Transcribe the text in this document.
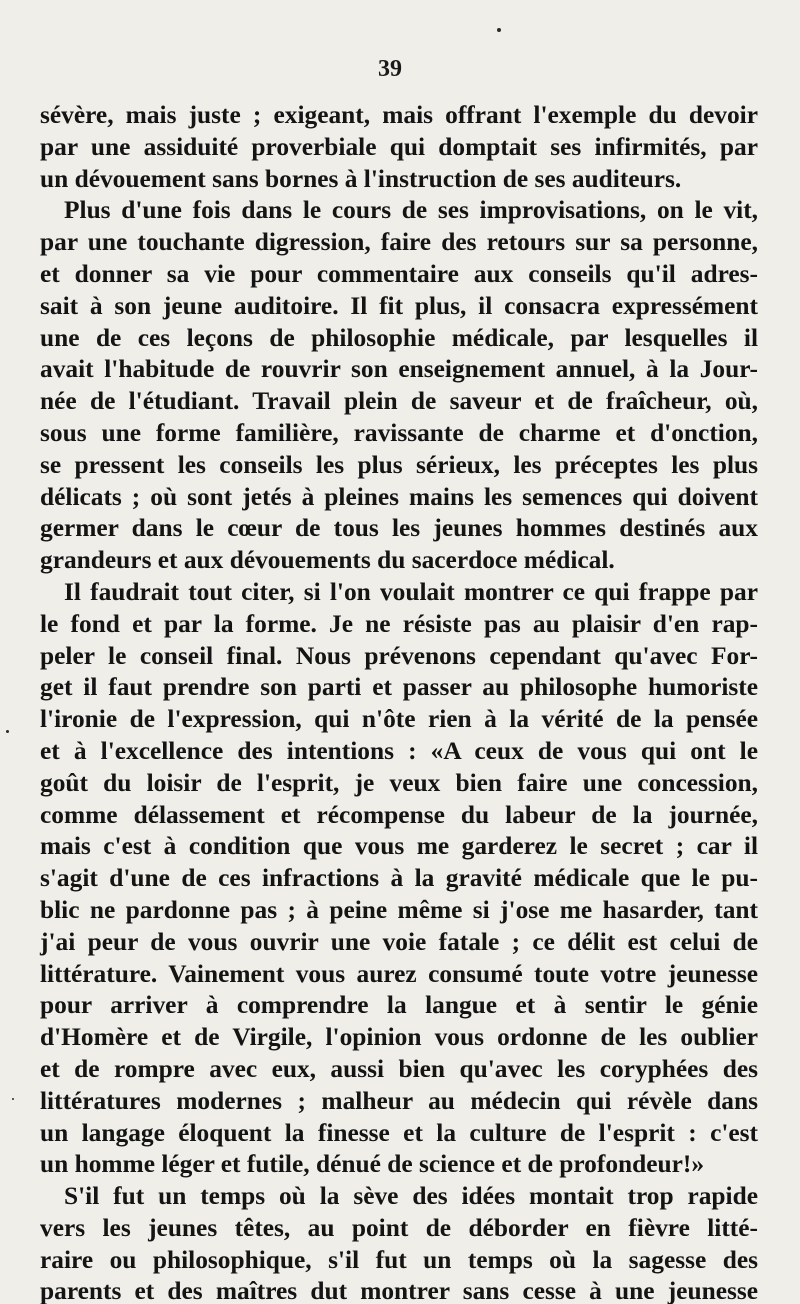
39
sévère, mais juste ; exigeant, mais offrant l'exemple du devoir
par une assiduité proverbiale qui domptait ses infirmités, par
un dévouement sans bornes à l'instruction de ses auditeurs.
Plus d'une fois dans le cours de ses improvisations, on le vit,
par une touchante digression, faire des retours sur sa personne,
et donner sa vie pour commentaire aux conseils qu'il adres-
sait à son jeune auditoire. Il fit plus, il consacra expressément
une de ces leçons de philosophie médicale, par lesquelles il
avait l'habitude de rouvrir son enseignement annuel, à la Jour-
née de l'étudiant. Travail plein de saveur et de fraîcheur, où,
sous une forme familière, ravissante de charme et d'onction,
se pressent les conseils les plus sérieux, les préceptes les plus
délicats ; où sont jetés à pleines mains les semences qui doivent
germer dans le cœur de tous les jeunes hommes destinés aux
grandeurs et aux dévouements du sacerdoce médical.
Il faudrait tout citer, si l'on voulait montrer ce qui frappe par
le fond et par la forme. Je ne résiste pas au plaisir d'en rap-
peler le conseil final. Nous prévenons cependant qu'avec For-
get il faut prendre son parti et passer au philosophe humoriste
l'ironie de l'expression, qui n'ôte rien à la vérité de la pensée
et à l'excellence des intentions : «A ceux de vous qui ont le
goût du loisir de l'esprit, je veux bien faire une concession,
comme délassement et récompense du labeur de la journée,
mais c'est à condition que vous me garderez le secret ; car il
s'agit d'une de ces infractions à la gravité médicale que le pu-
blic ne pardonne pas ; à peine même si j'ose me hasarder, tant
j'ai peur de vous ouvrir une voie fatale ; ce délit est celui de
littérature. Vainement vous aurez consumé toute votre jeunesse
pour arriver à comprendre la langue et à sentir le génie
d'Homère et de Virgile, l'opinion vous ordonne de les oublier
et de rompre avec eux, aussi bien qu'avec les coryphées des
littératures modernes ; malheur au médecin qui révèle dans
un langage éloquent la finesse et la culture de l'esprit : c'est
un homme léger et futile, dénué de science et de profondeur!»
S'il fut un temps où la sève des idées montait trop rapide
vers les jeunes têtes, au point de déborder en fièvre litté-
raire ou philosophique, s'il fut un temps où la sagesse des
parents et des maîtres dut montrer sans cesse à une jeunesse
